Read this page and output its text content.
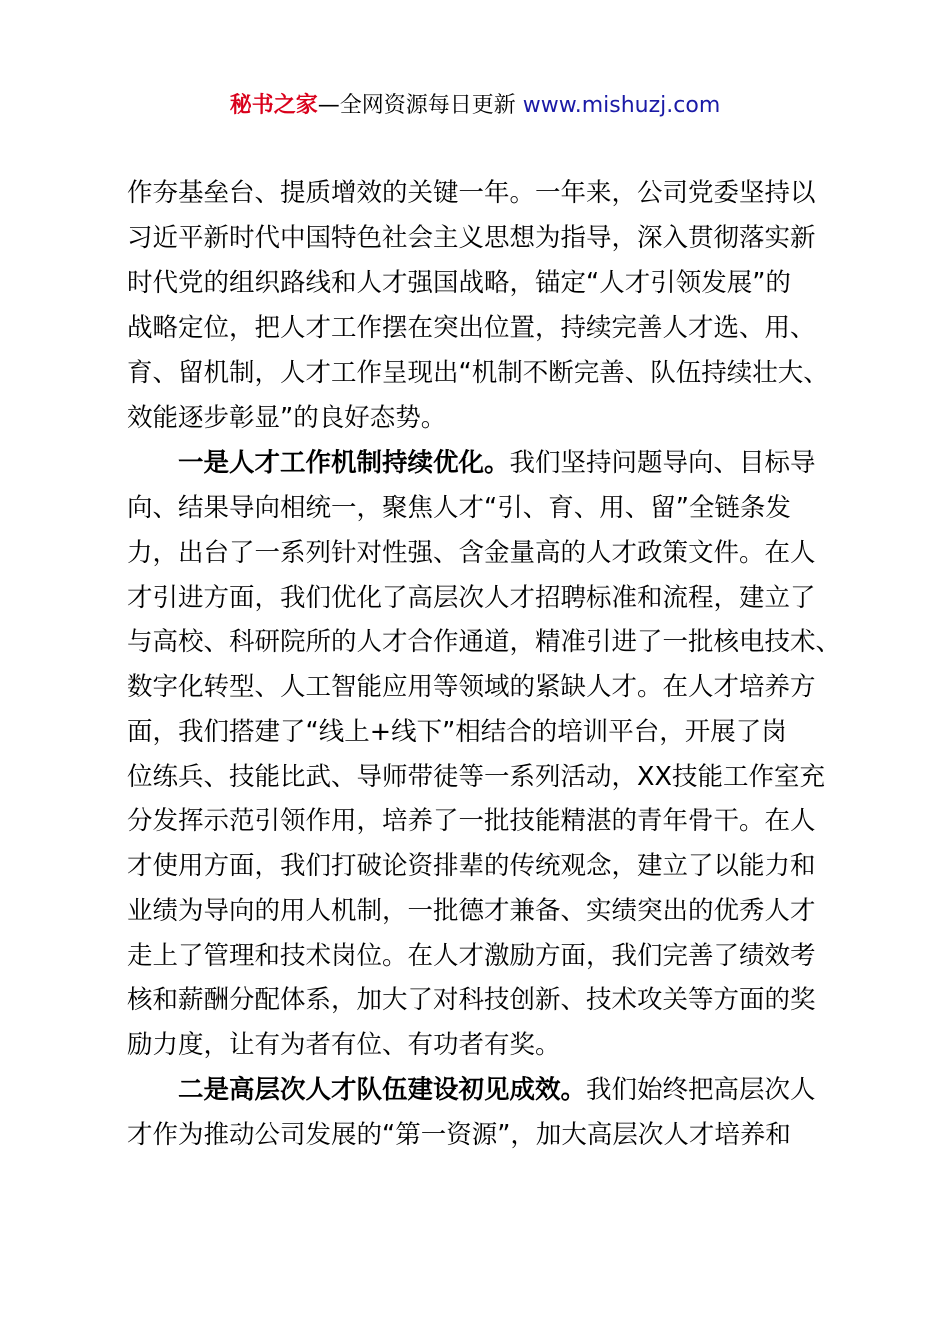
秘书之家—全网资源每日更新 www.mishuzj.com
作夯基垒台、提质增效的关键一年。一年来，公司党委坚持以
习近平新时代中国特色社会主义思想为指导，深入贯彻落实新
时代党的组织路线和人才强国战略，锚定“人才引领发展”的
战略定位，把人才工作摆在突出位置，持续完善人才选、用、
育、留机制，人才工作呈现出“机制不断完善、队伍持续壮大、
效能逐步彰显”的良好态势。
一是人才工作机制持续优化。我们坚持问题导向、目标导
向、结果导向相统一，聚焦人才“引、育、用、留”全链条发
力，出台了一系列针对性强、含金量高的人才政策文件。在人
才引进方面，我们优化了高层次人才招聘标准和流程，建立了
与高校、科研院所的人才合作通道，精准引进了一批核电技术、
数字化转型、人工智能应用等领域的紧缺人才。在人才培养方
面，我们搭建了“线上+线下”相结合的培训平台，开展了岗
位练兵、技能比武、导师带徒等一系列活动，XX技能工作室充
分发挥示范引领作用，培养了一批技能精湛的青年骨干。在人
才使用方面，我们打破论资排辈的传统观念，建立了以能力和
业绩为导向的用人机制，一批德才兼备、实绩突出的优秀人才
走上了管理和技术岗位。在人才激励方面，我们完善了绩效考
核和薪酬分配体系，加大了对科技创新、技术攻关等方面的奖
励力度，让有为者有位、有功者有奖。
二是高层次人才队伍建设初见成效。我们始终把高层次人
才作为推动公司发展的“第一资源”，加大高层次人才培养和
